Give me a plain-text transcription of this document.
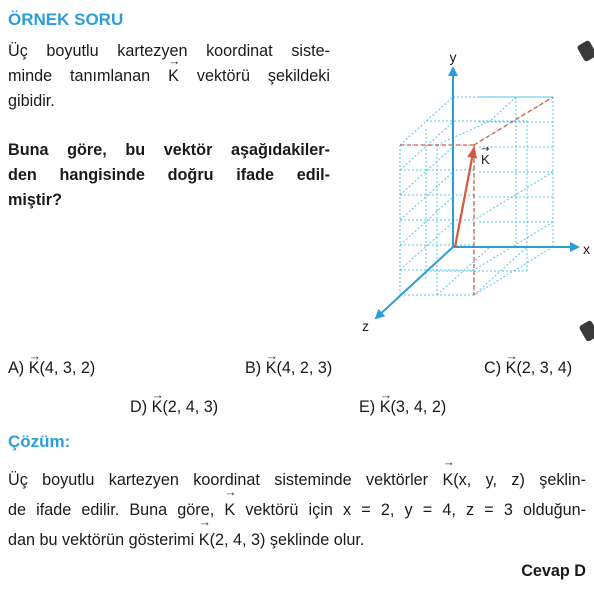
ÖRNEK SORU
Üç boyutlu kartezyen koordinat siste-
minde tanımlanan → K vektörü şekildeki
gibidir.
Buna göre, bu vektör aşağıdakiler-
den hangisinde doğru ifade edil-
miştir?
y
x
z
K
→
A) → K(4, 3, 2)	B) → K(4, 2, 3)	C) → K(2, 3, 4)
D) → K(2, 4, 3)	E) → K(3, 4, 2)
Çözüm:
Üç boyutlu kartezyen koordinat sisteminde vektörler → K(x, y, z) şeklin-
de ifade edilir. Buna göre, → K vektörü için x = 2, y = 4, z = 3 olduğun-
dan bu vektörün gösterimi → K(2, 4, 3) şeklinde olur.
Cevap D
